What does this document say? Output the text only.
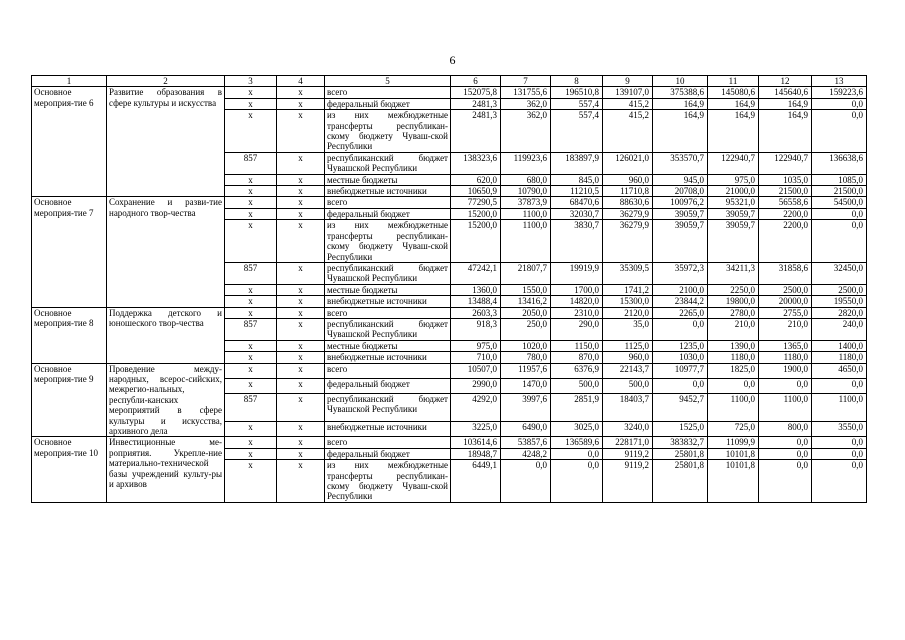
6
1	2	3	4	5	6	7	8	9	10	11	12	13
Основное мероприя-тие 6	Развитие образования в сфере культуры и искусства	x	x	всего	152075,8	131755,6	196510,8	139107,0	375388,6	145080,6	145640,6	159223,6
		x	x	федеральный бюджет	2481,3	362,0	557,4	415,2	164,9	164,9	164,9	0,0
		x	x	из них межбюджетные трансферты республикан-скому бюджету Чуваш-ской Республики	2481,3	362,0	557,4	415,2	164,9	164,9	164,9	0,0
		857	x	республиканский бюджет Чувашской Республики	138323,6	119923,6	183897,9	126021,0	353570,7	122940,7	122940,7	136638,6
		x	x	местные бюджеты	620,0	680,0	845,0	960,0	945,0	975,0	1035,0	1085,0
		x	x	внебюджетные источники	10650,9	10790,0	11210,5	11710,8	20708,0	21000,0	21500,0	21500,0
Основное мероприя-тие 7	Сохранение и разви-тие народного твор-чества	x	x	всего	77290,5	37873,9	68470,6	88630,6	100976,2	95321,0	56558,6	54500,0
		x	x	федеральный бюджет	15200,0	1100,0	32030,7	36279,9	39059,7	39059,7	2200,0	0,0
		x	x	из них межбюджетные трансферты республикан-скому бюджету Чуваш-ской Республики	15200,0	1100,0	3830,7	36279,9	39059,7	39059,7	2200,0	0,0
		857	x	республиканский бюджет Чувашской Республики	47242,1	21807,7	19919,9	35309,5	35972,3	34211,3	31858,6	32450,0
		x	x	местные бюджеты	1360,0	1550,0	1700,0	1741,2	2100,0	2250,0	2500,0	2500,0
		x	x	внебюджетные источники	13488,4	13416,2	14820,0	15300,0	23844,2	19800,0	20000,0	19550,0
Основное мероприя-тие 8	Поддержка детского и юношеского твор-чества	x	x	всего	2603,3	2050,0	2310,0	2120,0	2265,0	2780,0	2755,0	2820,0
		857	x	республиканский бюджет Чувашской Республики	918,3	250,0	290,0	35,0	0,0	210,0	210,0	240,0
		x	x	местные бюджеты	975,0	1020,0	1150,0	1125,0	1235,0	1390,0	1365,0	1400,0
		x	x	внебюджетные источники	710,0	780,0	870,0	960,0	1030,0	1180,0	1180,0	1180,0
Основное мероприя-тие 9	Проведение между-народных, всерос-сийских, межрегио-нальных, республи-канских мероприятий в сфере культуры и искусства, архивного дела	x	x	всего	10507,0	11957,6	6376,9	22143,7	10977,7	1825,0	1900,0	4650,0
		x	x	федеральный бюджет	2990,0	1470,0	500,0	500,0	0,0	0,0	0,0	0,0
		857	x	республиканский бюджет Чувашской Республики	4292,0	3997,6	2851,9	18403,7	9452,7	1100,0	1100,0	1100,0
		x	x	внебюджетные источники	3225,0	6490,0	3025,0	3240,0	1525,0	725,0	800,0	3550,0
Основное мероприя-тие 10	Инвестиционные ме-роприятия. Укрепле-ние материально-технической базы учреждений культу-ры и архивов	x	x	всего	103614,6	53857,6	136589,6	228171,0	383832,7	11099,9	0,0	0,0
		x	x	федеральный бюджет	18948,7	4248,2	0,0	9119,2	25801,8	10101,8	0,0	0,0
		x	x	из них межбюджетные трансферты республикан-скому бюджету Чуваш-ской Республики	6449,1	0,0	0,0	9119,2	25801,8	10101,8	0,0	0,0
